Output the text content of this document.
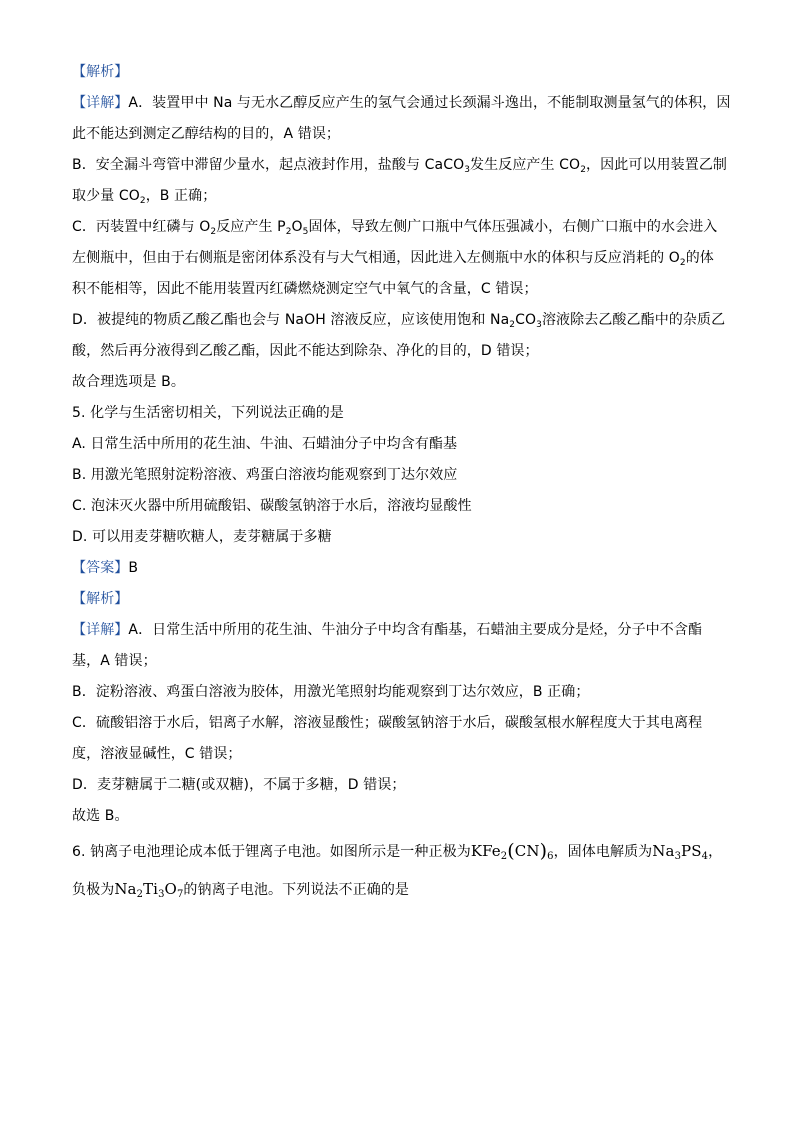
【解析】
【详解】A．装置甲中 Na 与无水乙醇反应产生的氢气会通过长颈漏斗逸出，不能制取测量氢气的体积，因
此不能达到测定乙醇结构的目的，A 错误；
B．安全漏斗弯管中滞留少量水，起点液封作用，盐酸与 CaCO$_3$发生反应产生 $CO_2$，因此可以用装置乙制
取少量 $CO_2$，B 正确；
C．丙装置中红磷与 $O_2$反应产生 $P_2O_5$固体，导致左侧广口瓶中气体压强减小，右侧广口瓶中的水会进入
左侧瓶中，但由于右侧瓶是密闭体系没有与大气相通，因此进入左侧瓶中水的体积与反应消耗的 $O_2$的体
积不能相等，因此不能用装置丙红磷燃烧测定空气中氧气的含量，C 错误；
D．被提纯的物质乙酸乙酯也会与 NaOH 溶液反应，应该使用饱和 $Na_2CO_3$溶液除去乙酸乙酯中的杂质乙
酸，然后再分液得到乙酸乙酯，因此不能达到除杂、净化的目的，D 错误；
故合理选项是 B。
5. 化学与生活密切相关，下列说法正确的是
A. 日常生活中所用的花生油、牛油、石蜡油分子中均含有酯基
B. 用激光笔照射淀粉溶液、鸡蛋白溶液均能观察到丁达尔效应
C. 泡沫灭火器中所用硫酸铝、碳酸氢钠溶于水后，溶液均显酸性
D. 可以用麦芽糖吹糖人，麦芽糖属于多糖
【答案】B
【解析】
【详解】A．日常生活中所用的花生油、牛油分子中均含有酯基，石蜡油主要成分是烃，分子中不含酯
基，A 错误；
B．淀粉溶液、鸡蛋白溶液为胶体，用激光笔照射均能观察到丁达尔效应，B 正确；
C．硫酸铝溶于水后，铝离子水解，溶液显酸性；碳酸氢钠溶于水后，碳酸氢根水解程度大于其电离程
度，溶液显碱性，C 错误；
D．麦芽糖属于二糖(或双糖)，不属于多糖，D 错误；
故选 B。
6. 钠离子电池理论成本低于锂离子电池。如图所示是一种正极为$KFe_2(CN)_6$，固体电解质为$Na_3PS_4$，
负极为$Na_2Ti_3O_7$的钠离子电池。下列说法不正确的是
